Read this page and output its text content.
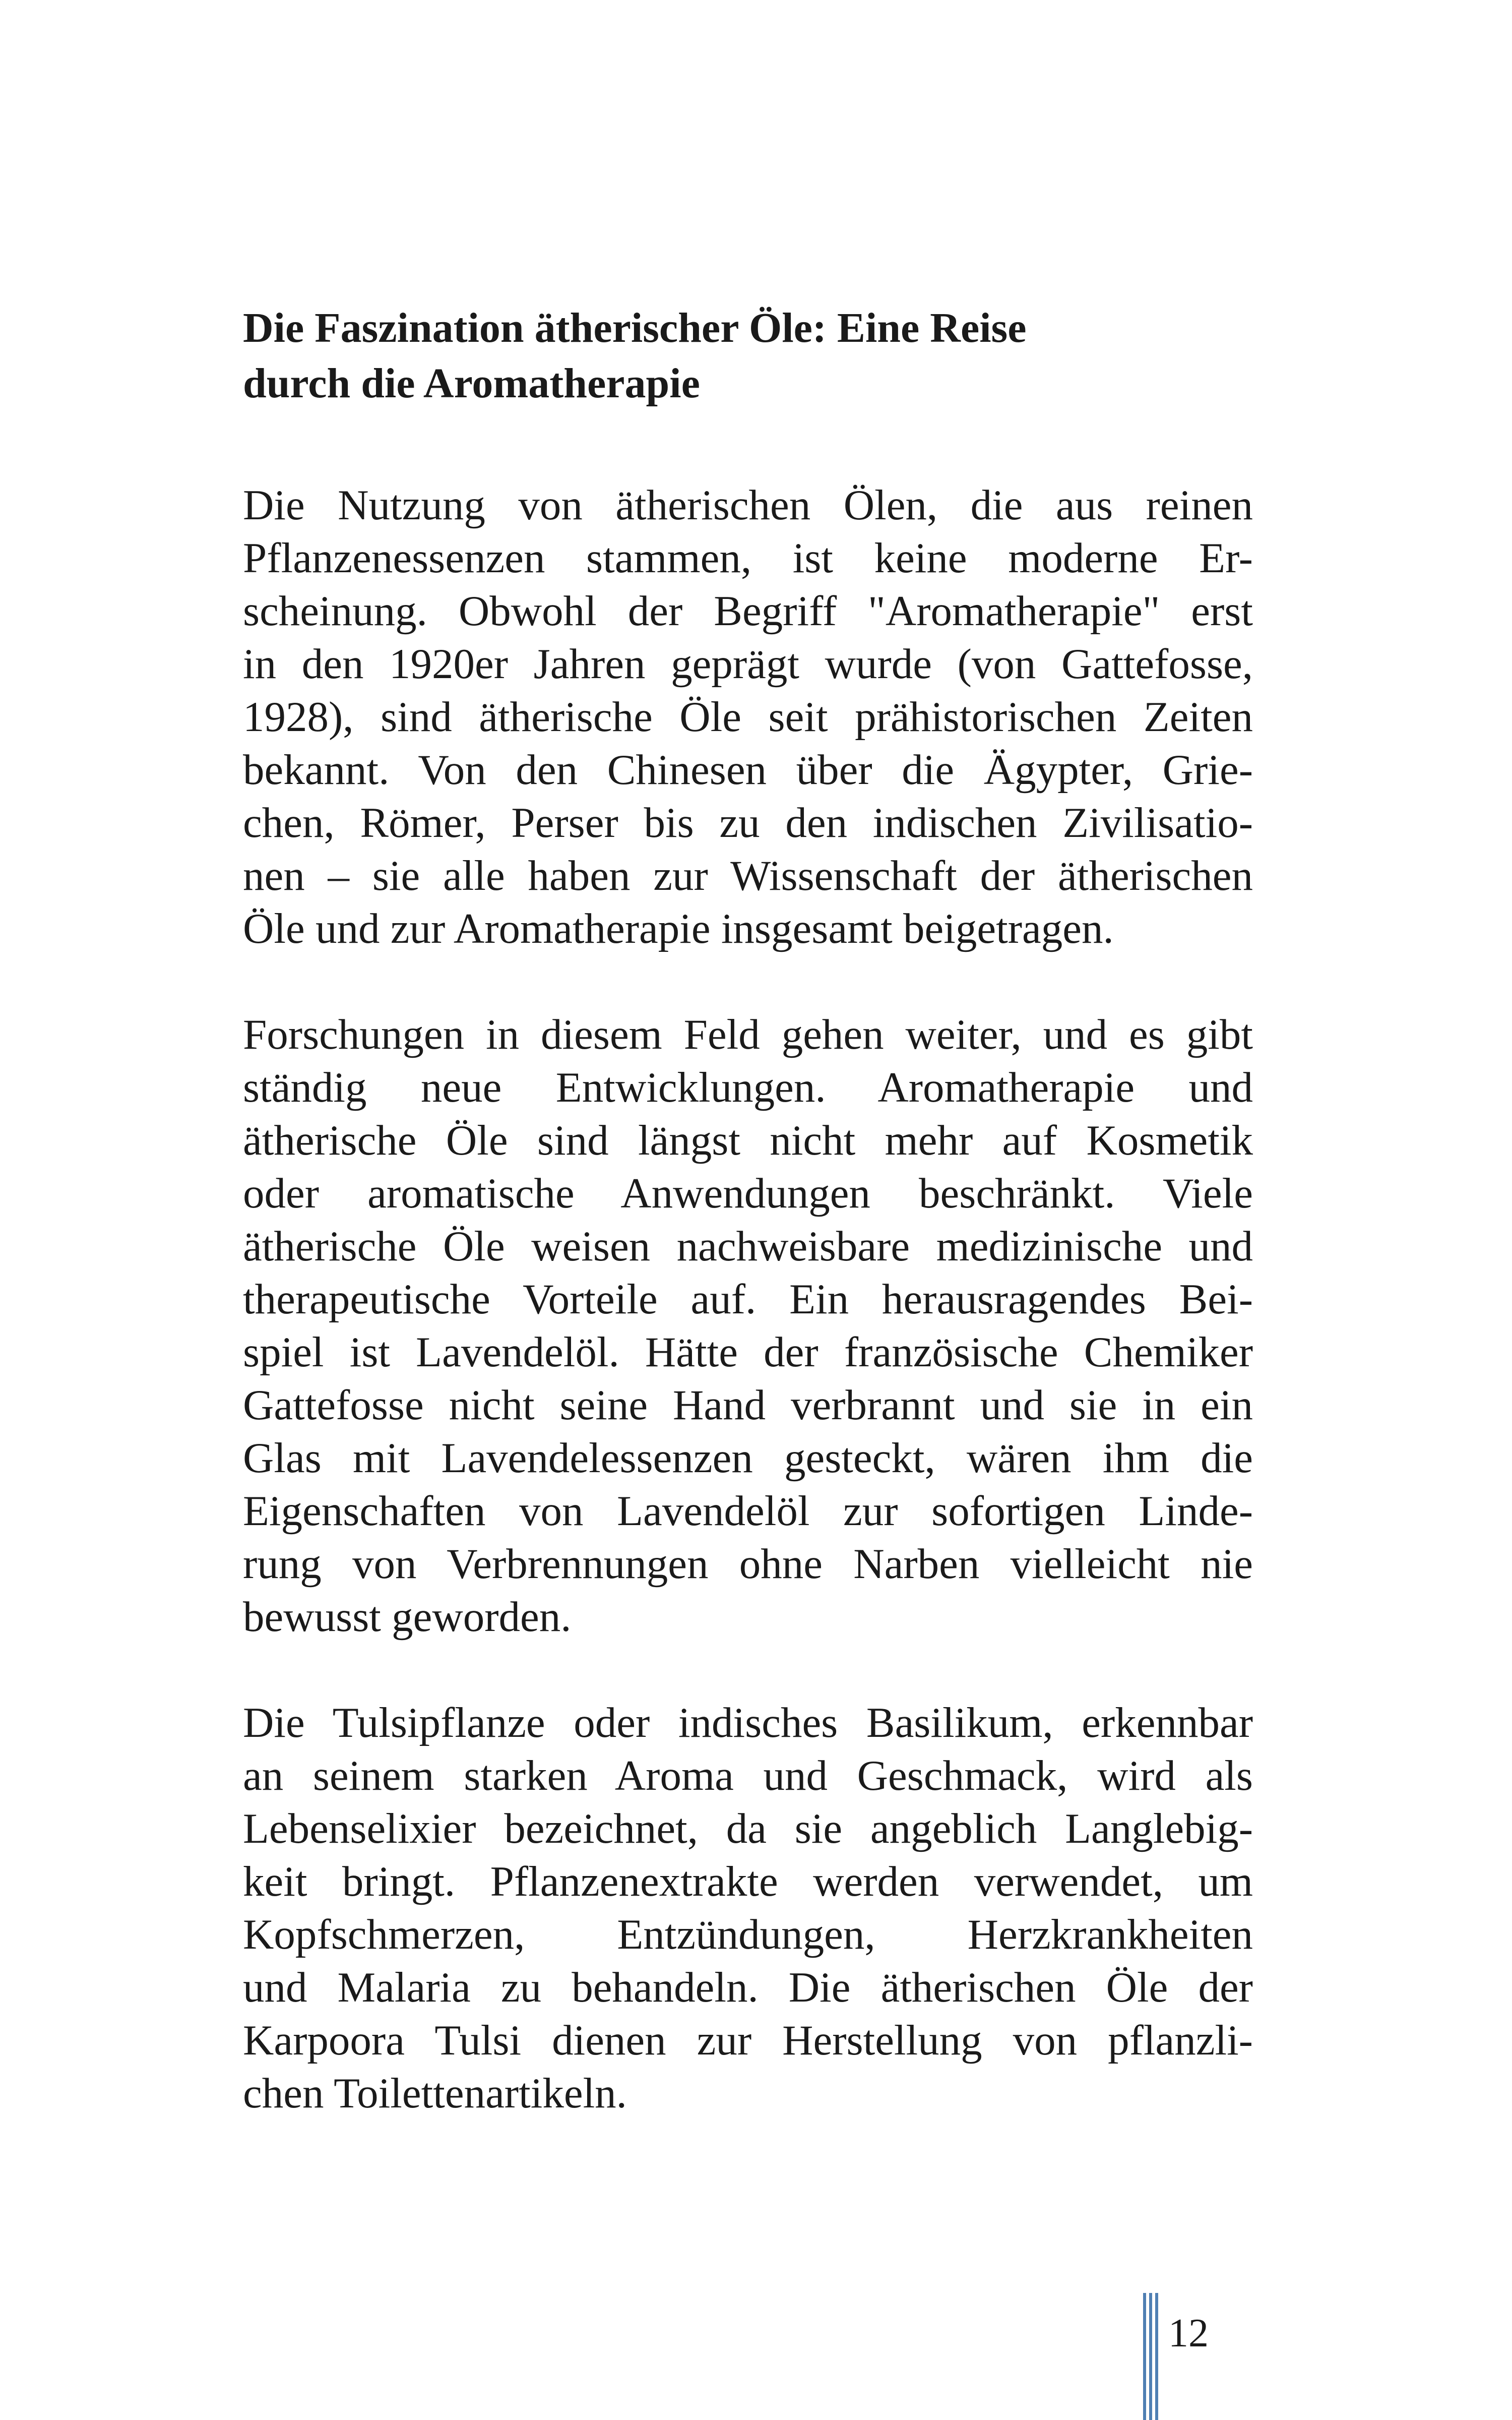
Die Faszination ätherischer Öle: Eine Reise
durch die Aromatherapie
Die Nutzung von ätherischen Ölen, die aus reinen
Pflanzenessenzen stammen, ist keine moderne Er-
scheinung. Obwohl der Begriff "Aromatherapie" erst
in den 1920er Jahren geprägt wurde (von Gattefosse,
1928), sind ätherische Öle seit prähistorischen Zeiten
bekannt. Von den Chinesen über die Ägypter, Grie-
chen, Römer, Perser bis zu den indischen Zivilisatio-
nen – sie alle haben zur Wissenschaft der ätherischen
Öle und zur Aromatherapie insgesamt beigetragen.
Forschungen in diesem Feld gehen weiter, und es gibt
ständig neue Entwicklungen. Aromatherapie und
ätherische Öle sind längst nicht mehr auf Kosmetik
oder aromatische Anwendungen beschränkt. Viele
ätherische Öle weisen nachweisbare medizinische und
therapeutische Vorteile auf. Ein herausragendes Bei-
spiel ist Lavendelöl. Hätte der französische Chemiker
Gattefosse nicht seine Hand verbrannt und sie in ein
Glas mit Lavendelessenzen gesteckt, wären ihm die
Eigenschaften von Lavendelöl zur sofortigen Linde-
rung von Verbrennungen ohne Narben vielleicht nie
bewusst geworden.
Die Tulsipflanze oder indisches Basilikum, erkennbar
an seinem starken Aroma und Geschmack, wird als
Lebenselixier bezeichnet, da sie angeblich Langlebig-
keit bringt. Pflanzenextrakte werden verwendet, um
Kopfschmerzen, Entzündungen, Herzkrankheiten
und Malaria zu behandeln. Die ätherischen Öle der
Karpoora Tulsi dienen zur Herstellung von pflanzli-
chen Toilettenartikeln.
12
